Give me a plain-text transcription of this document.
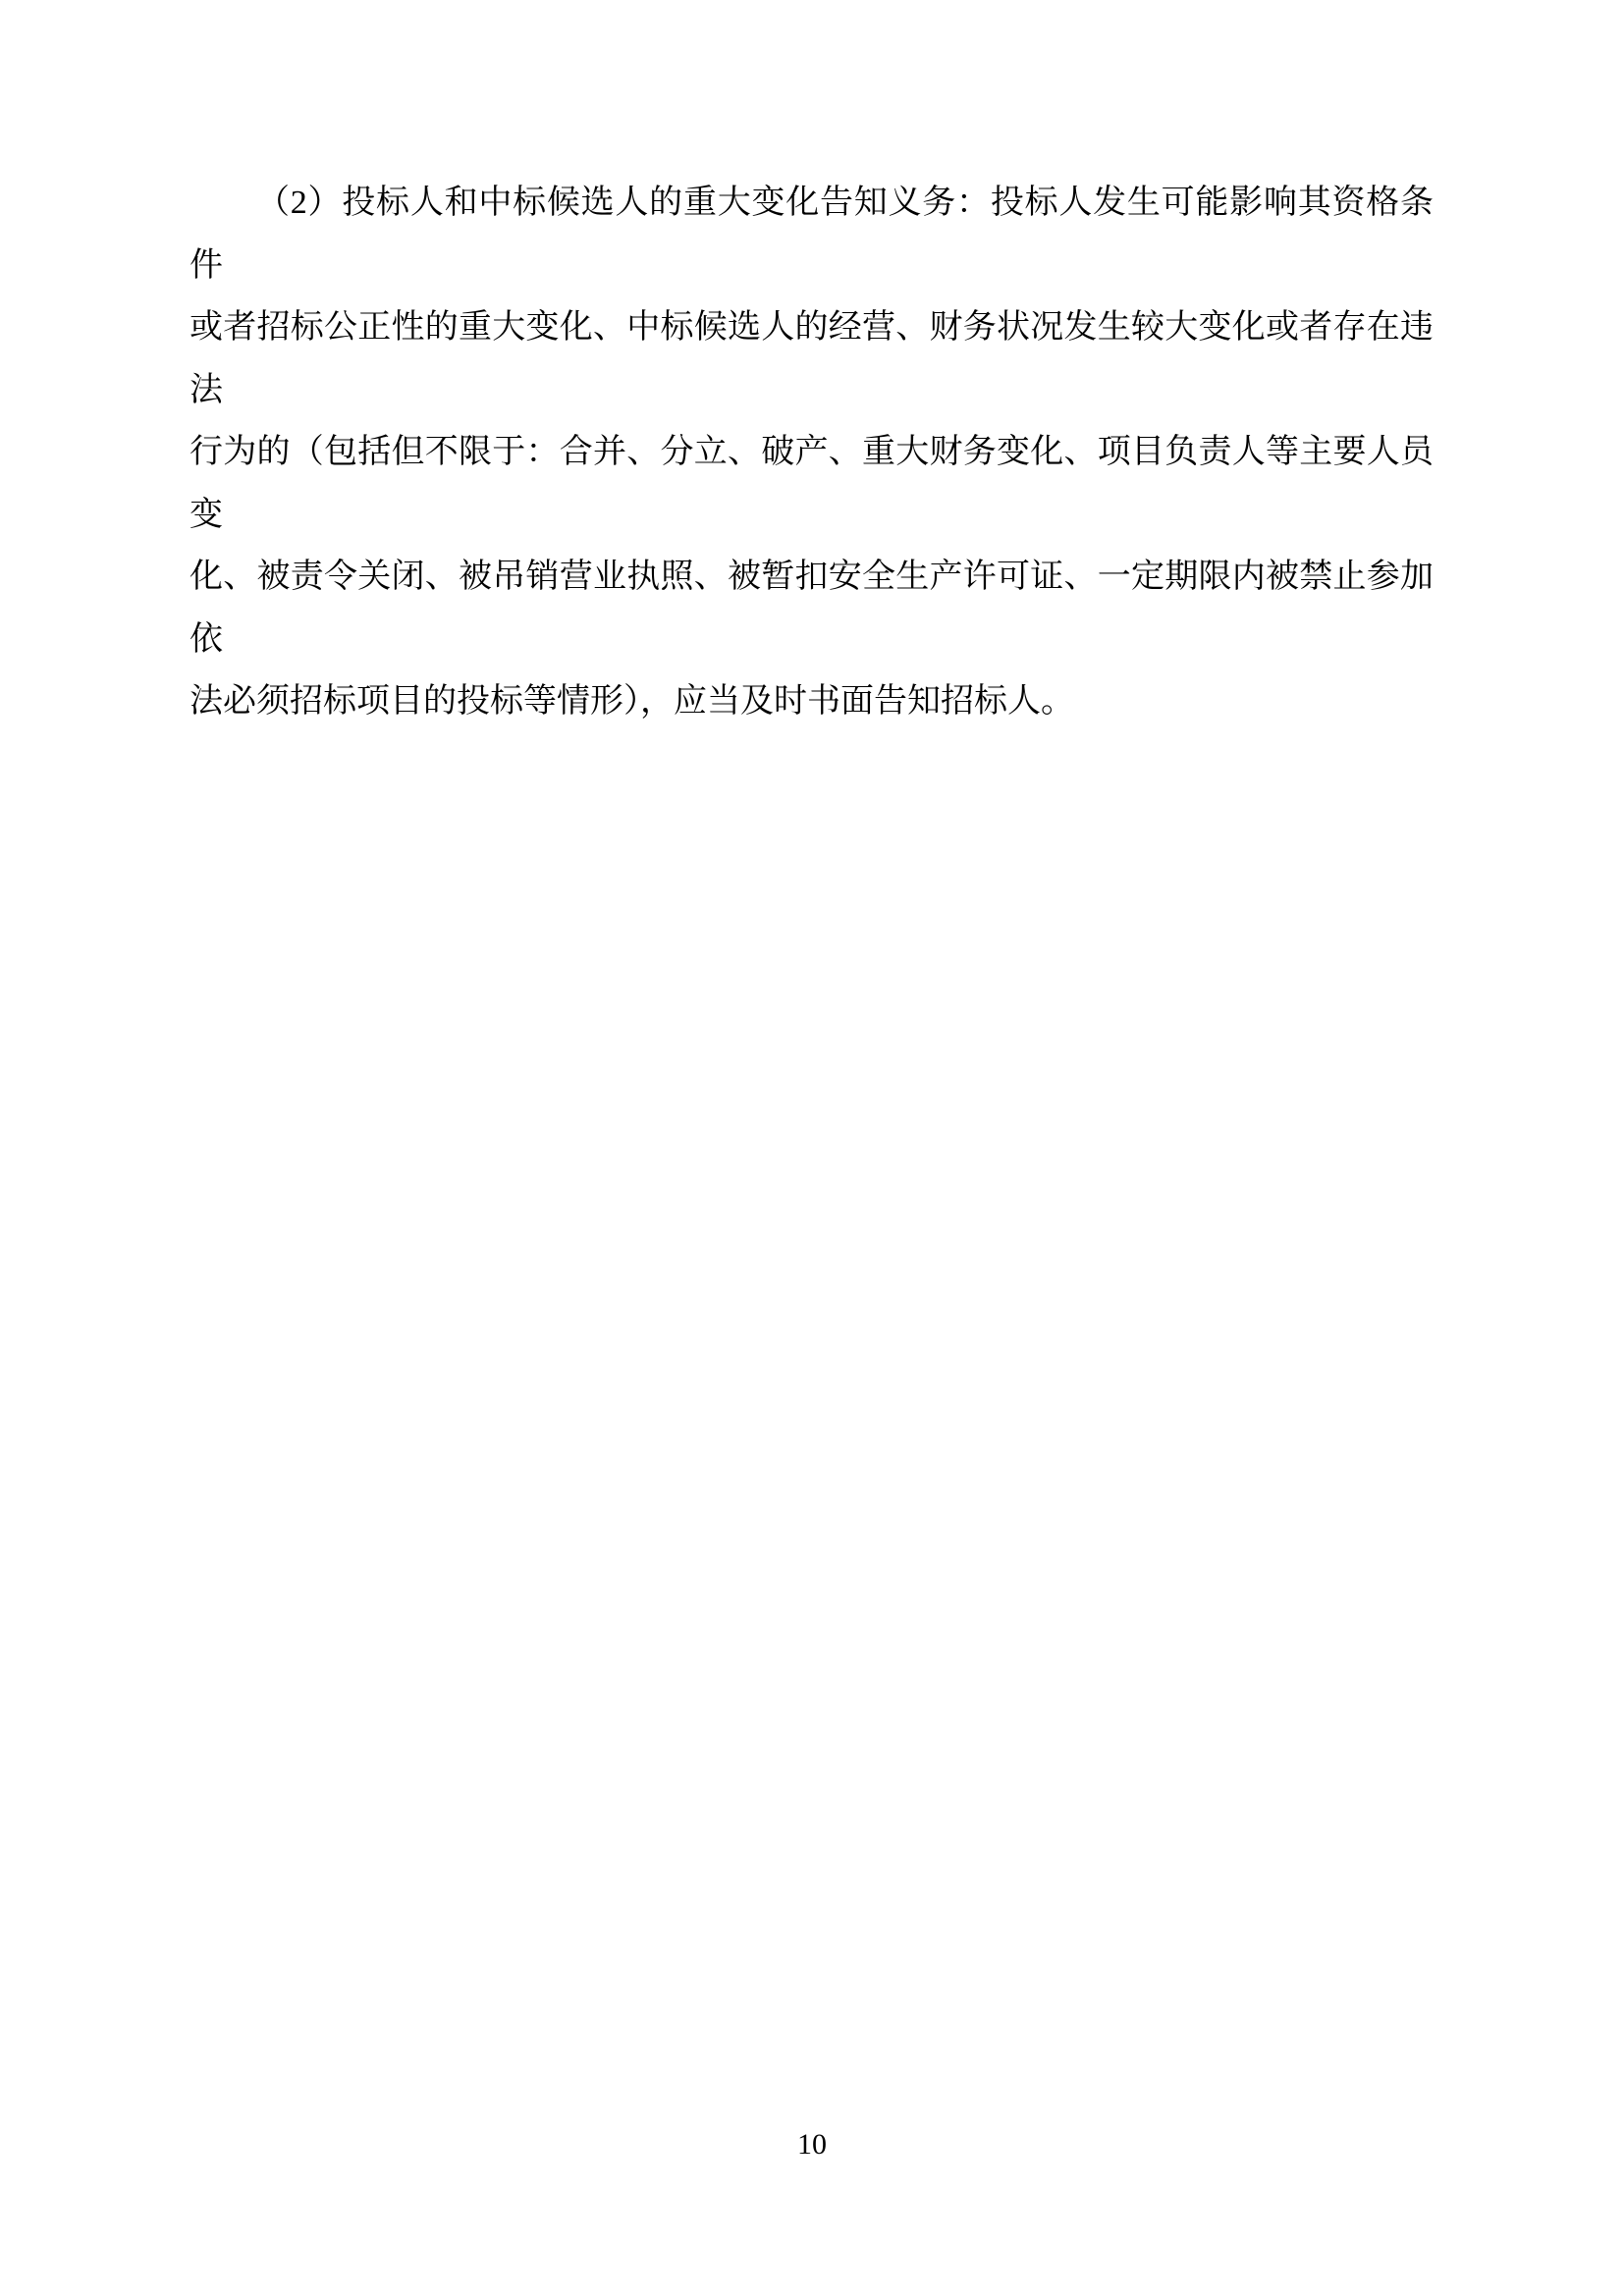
（2）投标人和中标候选人的重大变化告知义务：投标人发生可能影响其资格条件
或者招标公正性的重大变化、中标候选人的经营、财务状况发生较大变化或者存在违法
行为的（包括但不限于：合并、分立、破产、重大财务变化、项目负责人等主要人员变
化、被责令关闭、被吊销营业执照、被暂扣安全生产许可证、一定期限内被禁止参加依
法必须招标项目的投标等情形），应当及时书面告知招标人。
10
